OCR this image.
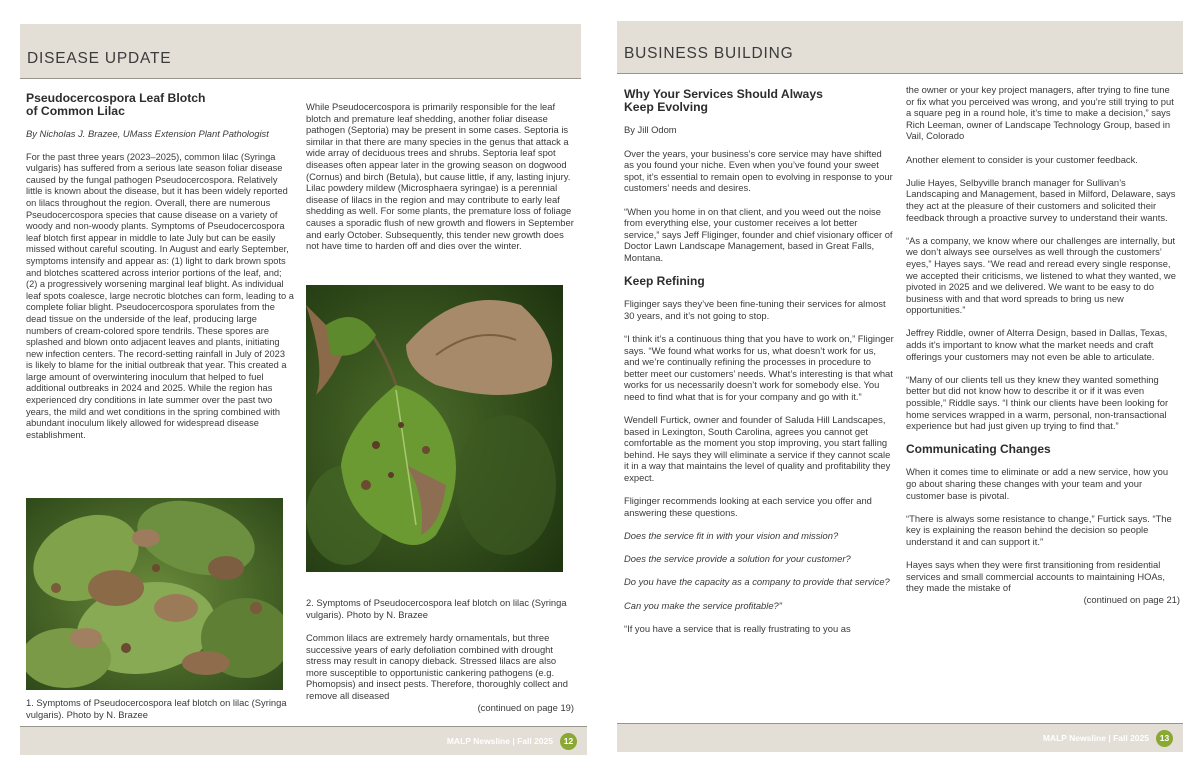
DISEASE UPDATE
Pseudocercospora Leaf Blotch
of Common Lilac

By Nicholas J. Brazee, UMass Extension Plant Pathologist

For the past three years (2023–2025), common lilac (Syringa vulgaris) has suffered from a serious late season foliar disease caused by the fungal pathogen Pseudocercospora. Relatively little is known about the disease, but it has been widely reported on lilacs throughout the region. Overall, there are numerous Pseudocercospora species that cause disease on a variety of woody and non-woody plants. Symptoms of Pseudocercospora leaf blotch first appear in middle to late July but can be easily missed without careful scouting. In August and early September, symptoms intensify and appear as: (1) light to dark brown spots and blotches scattered across interior portions of the leaf, and; (2) a progressively worsening marginal leaf blight. As individual leaf spots coalesce, large necrotic blotches can form, leading to a complete foliar blight. Pseudocercospora sporulates from the dead tissue on the underside of the leaf, producing large numbers of cream-colored spore tendrils. These spores are splashed and blown onto adjacent leaves and plants, initiating new infection centers. The record-setting rainfall in July of 2023 is likely to blame for the initial outbreak that year. This created a large amount of overwintering inoculum that helped to fuel additional outbreaks in 2024 and 2025. While the region has experienced dry conditions in late summer over the past two years, the mild and wet conditions in the spring combined with abundant inoculum likely allowed for widespread disease establishment.

1. Symptoms of Pseudocercospora leaf blotch on lilac (Syringa vulgaris). Photo by N. Brazee

While Pseudocercospora is primarily responsible for the leaf blotch and premature leaf shedding, another foliar disease pathogen (Septoria) may be present in some cases. Septoria is similar in that there are many species in the genus that attack a wide array of deciduous trees and shrubs. Septoria leaf spot diseases often appear later in the growing season on dogwood (Cornus) and birch (Betula), but cause little, if any, lasting injury. Lilac powdery mildew (Microsphaera syringae) is a perennial disease of lilacs in the region and may contribute to early leaf shedding as well. For some plants, the premature loss of foliage causes a sporadic flush of new growth and flowers in September and early October. Subsequently, this tender new growth does not have time to harden off and dies over the winter.

2. Symptoms of Pseudocercospora leaf blotch on lilac (Syringa vulgaris). Photo by N. Brazee

Common lilacs are extremely hardy ornamentals, but three successive years of early defoliation combined with drought stress may result in canopy dieback. Stressed lilacs are also more susceptible to opportunistic cankering pathogens (e.g. Phomopsis) and insect pests. Therefore, thoroughly collect and remove all diseased

(continued on page 19)
MALP Newsline | Fall 2025	12
BUSINESS BUILDING
Why Your Services Should Always
Keep Evolving

By Jill Odom

Over the years, your business’s core service may have shifted as you found your niche. Even when you’ve found your sweet spot, it’s essential to remain open to evolving in response to your customers’ needs and desires.

“When you home in on that client, and you weed out the noise from everything else, your customer receives a lot better service,” says Jeff Fliginger, founder and chief visionary officer of Doctor Lawn Landscape Management, based in Great Falls, Montana.

Keep Refining

Fliginger says they’ve been fine-tuning their services for almost 30 years, and it’s not going to stop.

“I think it’s a continuous thing that you have to work on,” Fliginger says. “We found what works for us, what doesn’t work for us, and we’re continually refining the processes in procedure to better meet our customers’ needs. What’s interesting is that what works for us necessarily doesn’t work for somebody else. You need to find what that is for your company and go with it.”

Wendell Furtick, owner and founder of Saluda Hill Landscapes, based in Lexington, South Carolina, agrees you cannot get comfortable as the moment you stop improving, you start falling behind. He says they will eliminate a service if they cannot scale it in a way that maintains the level of quality and profitability they expect.

Fliginger recommends looking at each service you offer and answering these questions.

Does the service fit in with your vision and mission?

Does the service provide a solution for your customer?

Do you have the capacity as a company to provide that service?

Can you make the service profitable?”

“If you have a service that is really frustrating to you as

the owner or your key project managers, after trying to fine tune or fix what you perceived was wrong, and you’re still trying to put a square peg in a round hole, it’s time to make a decision,” says Rich Leeman, owner of Landscape Technology Group, based in Vail, Colorado

Another element to consider is your customer feedback.

Julie Hayes, Selbyville branch manager for Sullivan’s Landscaping and Management, based in Milford, Delaware, says they act at the pleasure of their customers and solicited their feedback through a proactive survey to understand their wants.

“As a company, we know where our challenges are internally, but we don’t always see ourselves as well through the customers’ eyes,” Hayes says. “We read and reread every single response, we accepted their criticisms, we listened to what they wanted, we pivoted in 2025 and we delivered. We want to be easy to do business with and that word spreads to bring us new opportunities.”

Jeffrey Riddle, owner of Alterra Design, based in Dallas, Texas, adds it’s important to know what the market needs and craft offerings your customers may not even be able to articulate.

“Many of our clients tell us they knew they wanted something better but did not know how to describe it or if it was even possible,” Riddle says. “I think our clients have been looking for home services wrapped in a warm, personal, non-transactional experience but had just given up trying to find that.”

Communicating Changes

When it comes time to eliminate or add a new service, how you go about sharing these changes with your team and your customer base is pivotal.

“There is always some resistance to change,” Furtick says. “The key is explaining the reason behind the decision so people understand it and can support it.”

Hayes says when they were first transitioning from residential services and small commercial accounts to maintaining HOAs, they made the mistake of

(continued on page 21)
MALP Newsline | Fall 2025	13
